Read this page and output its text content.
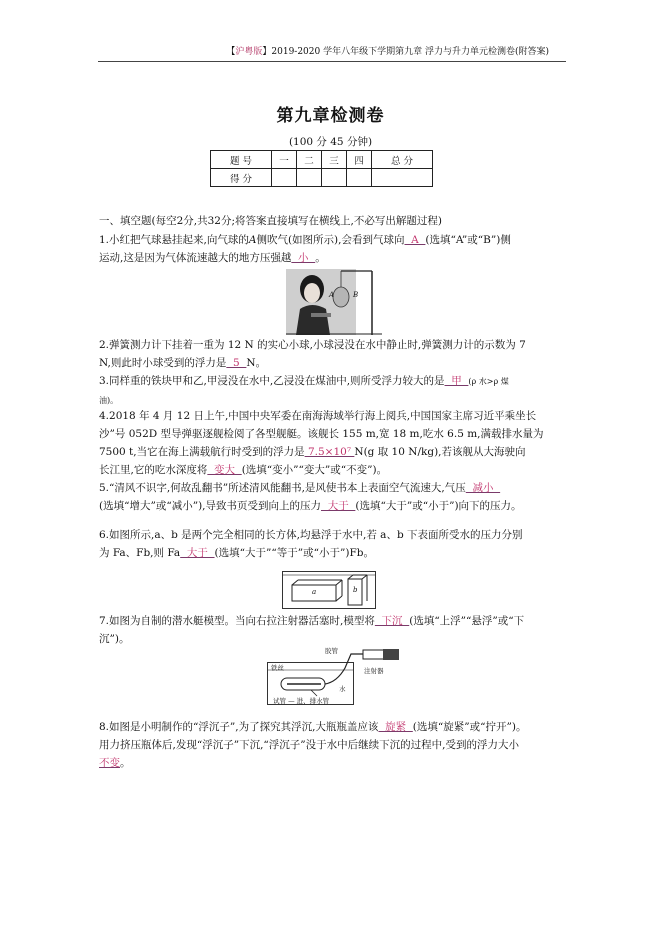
【沪粤版】2019-2020 学年八年级下学期第九章 浮力与升力单元检测卷(附答案)
第九章检测卷
(100 分 45 分钟)
题 号	一	二	三	四	总 分
得 分					
一、填空题(每空2分,共32分;将答案直接填写在横线上,不必写出解题过程)
1.小红把气球悬挂起来,向气球的A侧吹气(如图所示),会看到气球向  A  (选填“A”或“B”)侧
运动,这是因为气体流速越大的地方压强越  小  。
A	B
2.弹簧测力计下挂着一重为 12 N 的实心小球,小球浸没在水中静止时,弹簧测力计的示数为 7
N,则此时小球受到的浮力是  5  N。
3.同样重的铁块甲和乙,甲浸没在水中,乙浸没在煤油中,则所受浮力较大的是  甲  (ρ 水>ρ 煤
油)。
4.2018 年 4 月 12 日上午,中国中央军委在南海海域举行海上阅兵,中国国家主席习近平乘坐长
沙”号 052D 型导弹驱逐舰检阅了各型舰艇。该舰长 155 m,宽 18 m,吃水 6.5 m,满载排水量为
7500 t,当它在海上满载航行时受到的浮力是 7.5×10⁷ N(g 取 10 N/kg),若该舰从大海驶向
长江里,它的吃水深度将  变大  (选填“变小”“变大”或“不变”)。
5.“清风不识字,何故乱翻书”所述清风能翻书,是风使书本上表面空气流速大,气压  减小
(选填“增大”或“减小”),导致书页受到向上的压力  大于  (选填“大于”或“小于”)向下的压力。
6.如图所示,a、b 是两个完全相同的长方体,均悬浮于水中,若 a、b 下表面所受水的压力分别
为 Fa、Fb,则 Fa  大于  (选填“大于”“等于”或“小于”)Fb。
a	b
7.如图为自制的潜水艇模型。当向右拉注射器活塞时,模型将  下沉  (选填“上浮”“悬浮”或“下
沉”)。
胶管
铁丝	注射器
水
试管 — 进、排水管
8.如图是小明制作的“浮沉子”,为了探究其浮沉,大瓶瓶盖应该  旋紧  (选填“旋紧”或“拧开”)。
用力挤压瓶体后,发现“浮沉子”下沉,“浮沉子”没于水中后继续下沉的过程中,受到的浮力大小
不变。
